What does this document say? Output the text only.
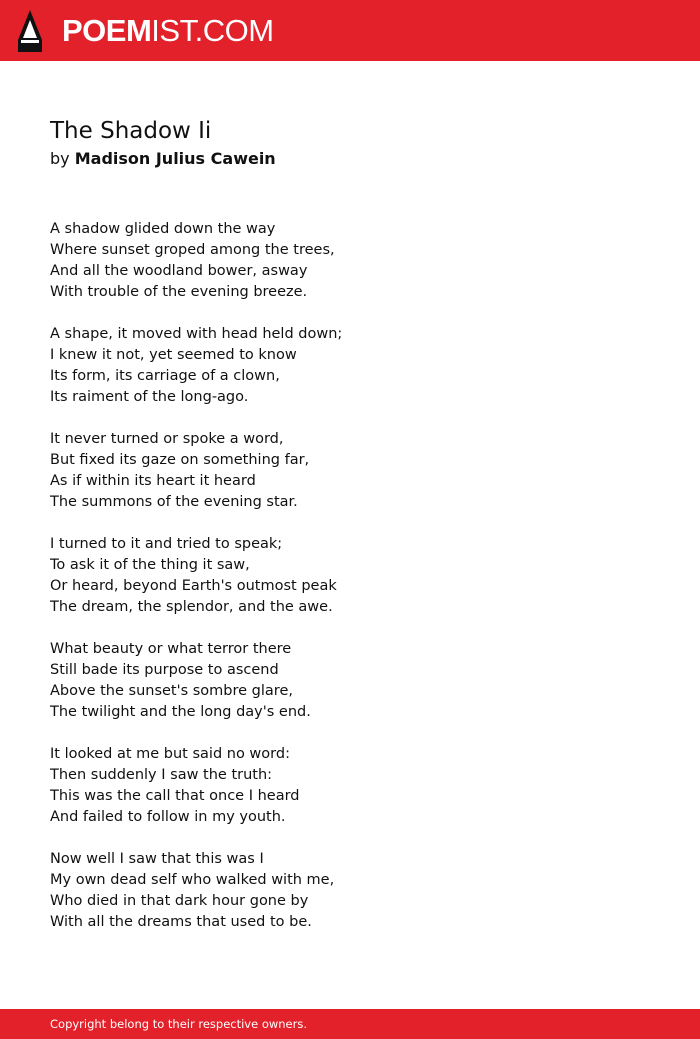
POEMIST.COM
The Shadow Ii
by Madison Julius Cawein
A shadow glided down the way
Where sunset groped among the trees,
And all the woodland bower, asway
With trouble of the evening breeze.
A shape, it moved with head held down;
I knew it not, yet seemed to know
Its form, its carriage of a clown,
Its raiment of the long-ago.
It never turned or spoke a word,
But fixed its gaze on something far,
As if within its heart it heard
The summons of the evening star.
I turned to it and tried to speak;
To ask it of the thing it saw,
Or heard, beyond Earth's outmost peak
The dream, the splendor, and the awe.
What beauty or what terror there
Still bade its purpose to ascend
Above the sunset's sombre glare,
The twilight and the long day's end.
It looked at me but said no word:
Then suddenly I saw the truth:
This was the call that once I heard
And failed to follow in my youth.
Now well I saw that this was I
My own dead self who walked with me,
Who died in that dark hour gone by
With all the dreams that used to be.
Copyright belong to their respective owners.
